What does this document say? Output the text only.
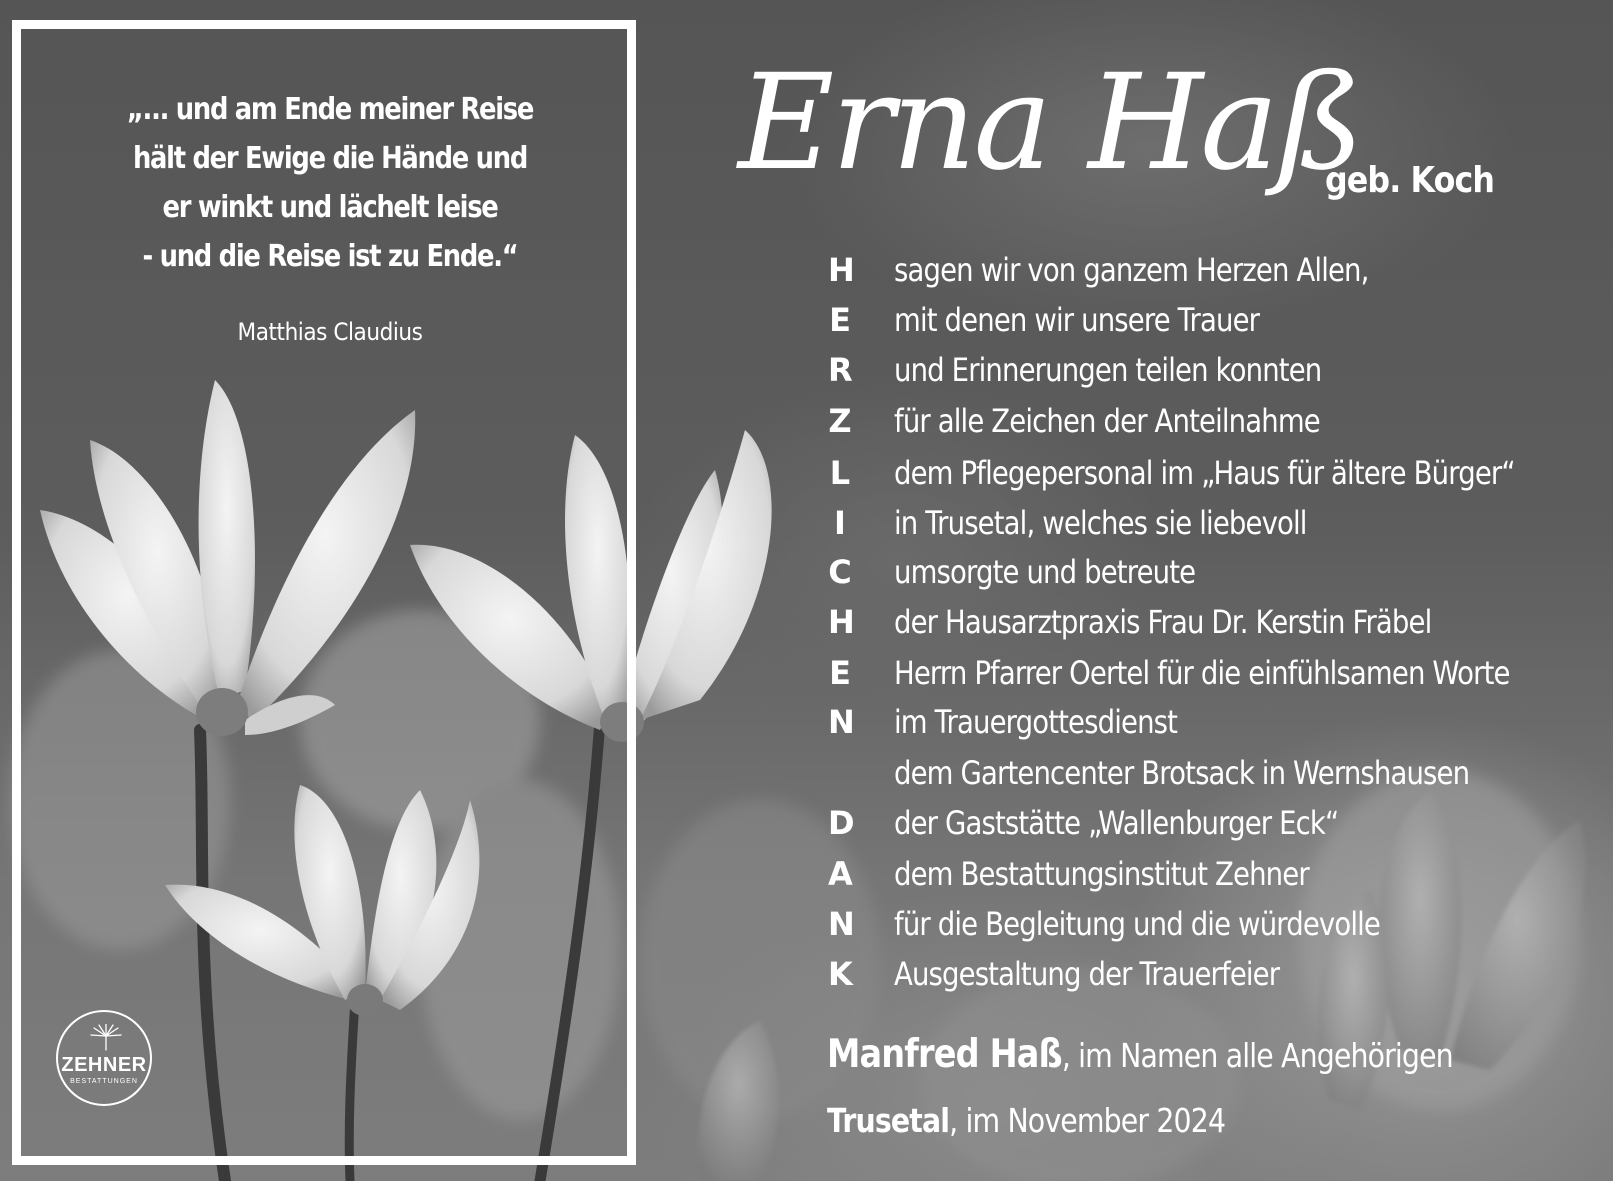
„... und am Ende meiner Reise
hält der Ewige die Hände und
er winkt und lächelt leise
- und die Reise ist zu Ende.“
Matthias Claudius
ZEHNER
BESTATTUNGEN
Erna Haß
geb. Koch
H sagen wir von ganzem Herzen Allen,
E mit denen wir unsere Trauer
R und Erinnerungen teilen konnten
Z für alle Zeichen der Anteilnahme
L dem Pflegepersonal im „Haus für ältere Bürger“
I in Trusetal, welches sie liebevoll
C umsorgte und betreute
H der Hausarztpraxis Frau Dr. Kerstin Fräbel
E Herrn Pfarrer Oertel für die einfühlsamen Worte
N im Trauergottesdienst
dem Gartencenter Brotsack in Wernshausen
D der Gaststätte „Wallenburger Eck“
A dem Bestattungsinstitut Zehner
N für die Begleitung und die würdevolle
K Ausgestaltung der Trauerfeier
Manfred Haß, im Namen alle Angehörigen
Trusetal, im November 2024
